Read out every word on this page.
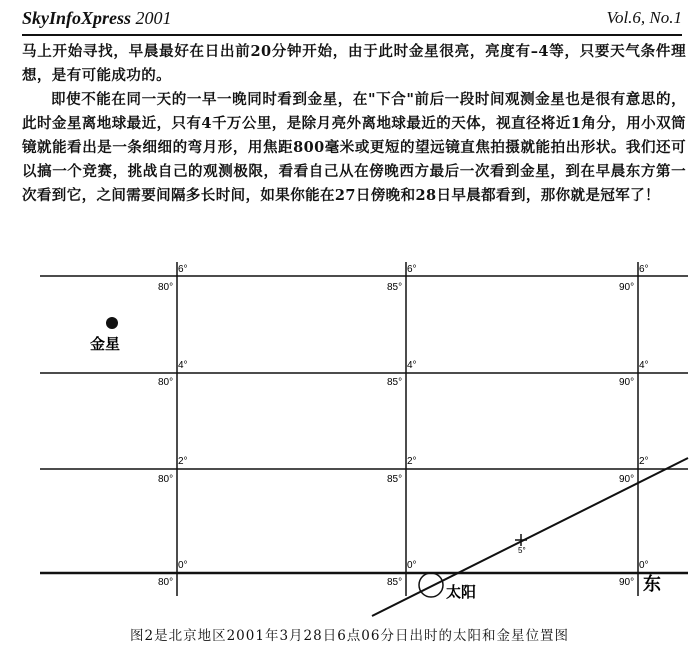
SkyInfoXpress 2001	Vol.6, No.1

马上开始寻找，早晨最好在日出前20分钟开始，由于此时金星很亮，亮度有–4等，只要天气条件理想，是有可能成功的。

即使不能在同一天的一早一晚同时看到金星，在"下合"前后一段时间观测金星也是很有意思的，此时金星离地球最近，只有4千万公里，是除月亮外离地球最近的天体，视直径将近1角分，用小双筒镜就能看出是一条细细的弯月形，用焦距800毫米或更短的望远镜直焦拍摄就能拍出形状。我们还可以搞一个竞赛，挑战自己的观测极限，看看自己从在傍晚西方最后一次看到金星，到在早晨东方第一次看到它，之间需要间隔多长时间，如果你能在27日傍晚和28日早晨都看到，那你就是冠军了！

5°
金星
太阳	东
6°	6°	6°
4°	4°	4°
2°	2°	2°
0°	0°	0°
80°	85°	90°
80°	85°	90°
80°	85°	90°
80°	85°	90°
图2是北京地区2001年3月28日6点06分日出时的太阳和金星位置图
